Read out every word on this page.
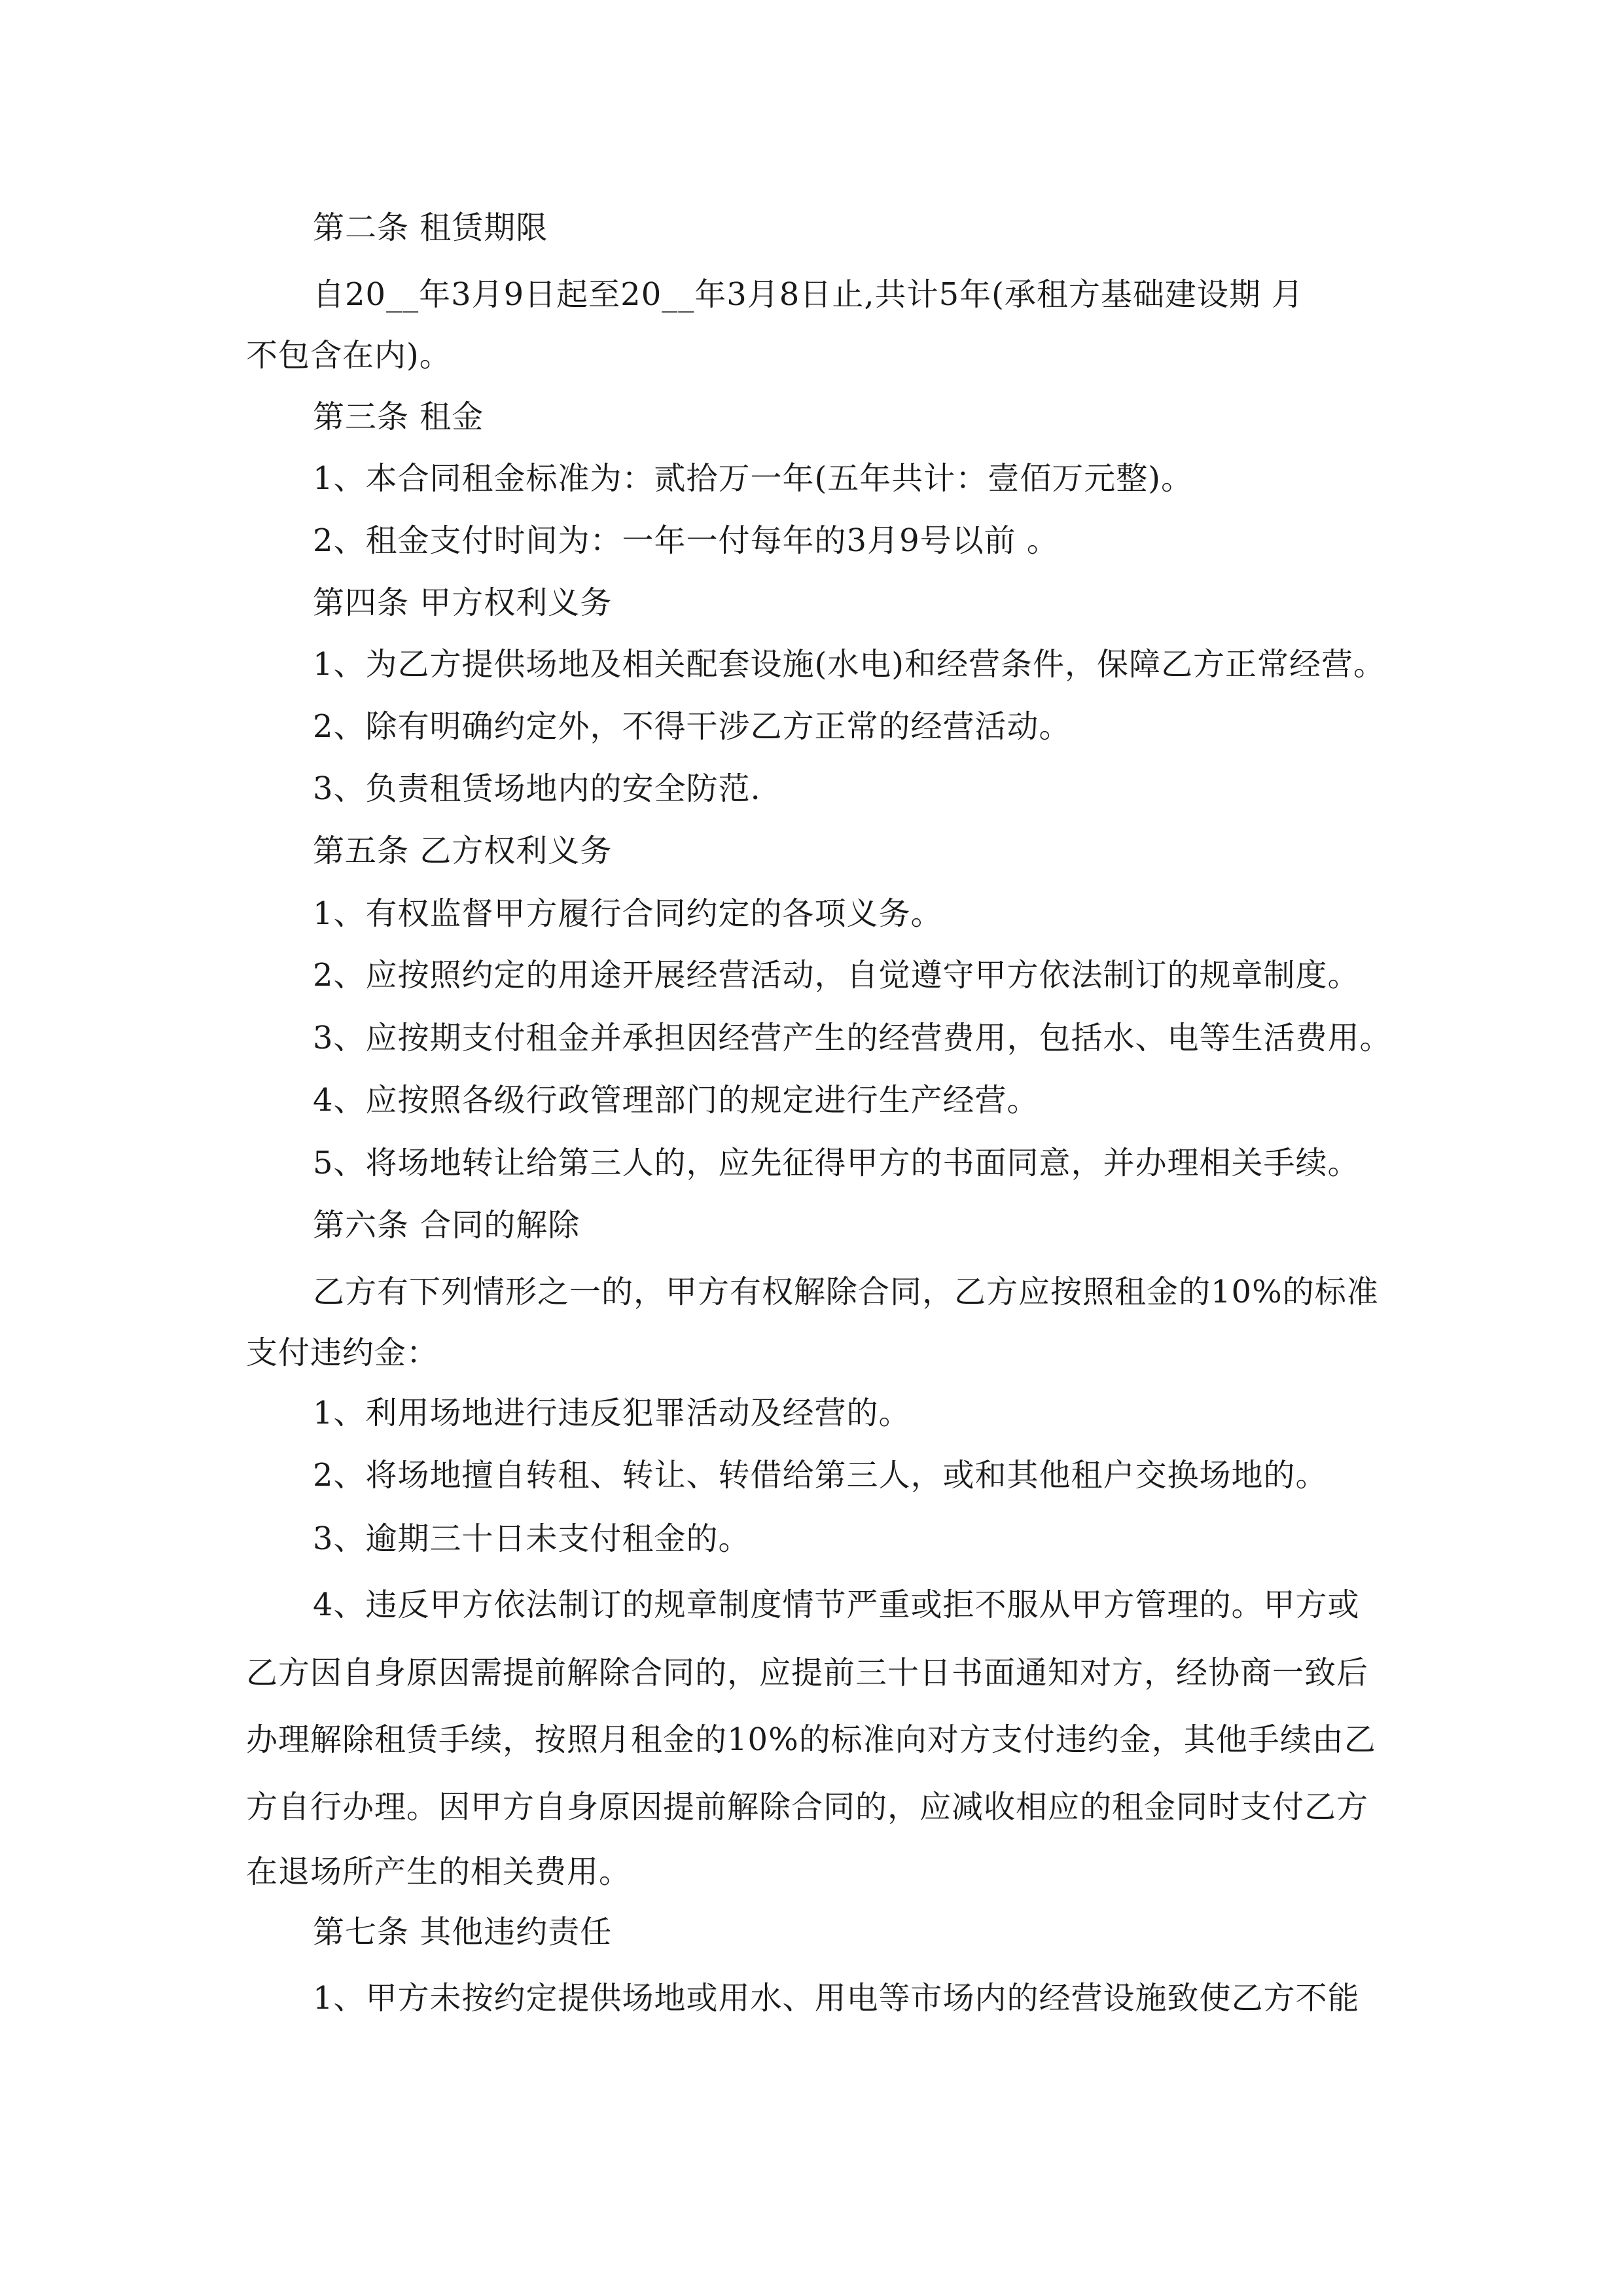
第二条 租赁期限
自20__年3月9日起至20__年3月8日止,共计5年(承租方基础建设期 月
不包含在内)。
第三条 租金
1、本合同租金标准为：贰拾万一年(五年共计：壹佰万元整)。
2、租金支付时间为：一年一付每年的3月9号以前 。
第四条 甲方权利义务
1、为乙方提供场地及相关配套设施(水电)和经营条件，保障乙方正常经营。
2、除有明确约定外，不得干涉乙方正常的经营活动。
3、负责租赁场地内的安全防范.
第五条 乙方权利义务
1、有权监督甲方履行合同约定的各项义务。
2、应按照约定的用途开展经营活动，自觉遵守甲方依法制订的规章制度。
3、应按期支付租金并承担因经营产生的经营费用，包括水、电等生活费用。
4、应按照各级行政管理部门的规定进行生产经营。
5、将场地转让给第三人的，应先征得甲方的书面同意，并办理相关手续。
第六条 合同的解除
乙方有下列情形之一的，甲方有权解除合同，乙方应按照租金的10%的标准
支付违约金：
1、利用场地进行违反犯罪活动及经营的。
2、将场地擅自转租、转让、转借给第三人，或和其他租户交换场地的。
3、逾期三十日未支付租金的。
4、违反甲方依法制订的规章制度情节严重或拒不服从甲方管理的。甲方或
乙方因自身原因需提前解除合同的，应提前三十日书面通知对方，经协商一致后
办理解除租赁手续，按照月租金的10%的标准向对方支付违约金，其他手续由乙
方自行办理。因甲方自身原因提前解除合同的，应减收相应的租金同时支付乙方
在退场所产生的相关费用。
第七条 其他违约责任
1、甲方未按约定提供场地或用水、用电等市场内的经营设施致使乙方不能
